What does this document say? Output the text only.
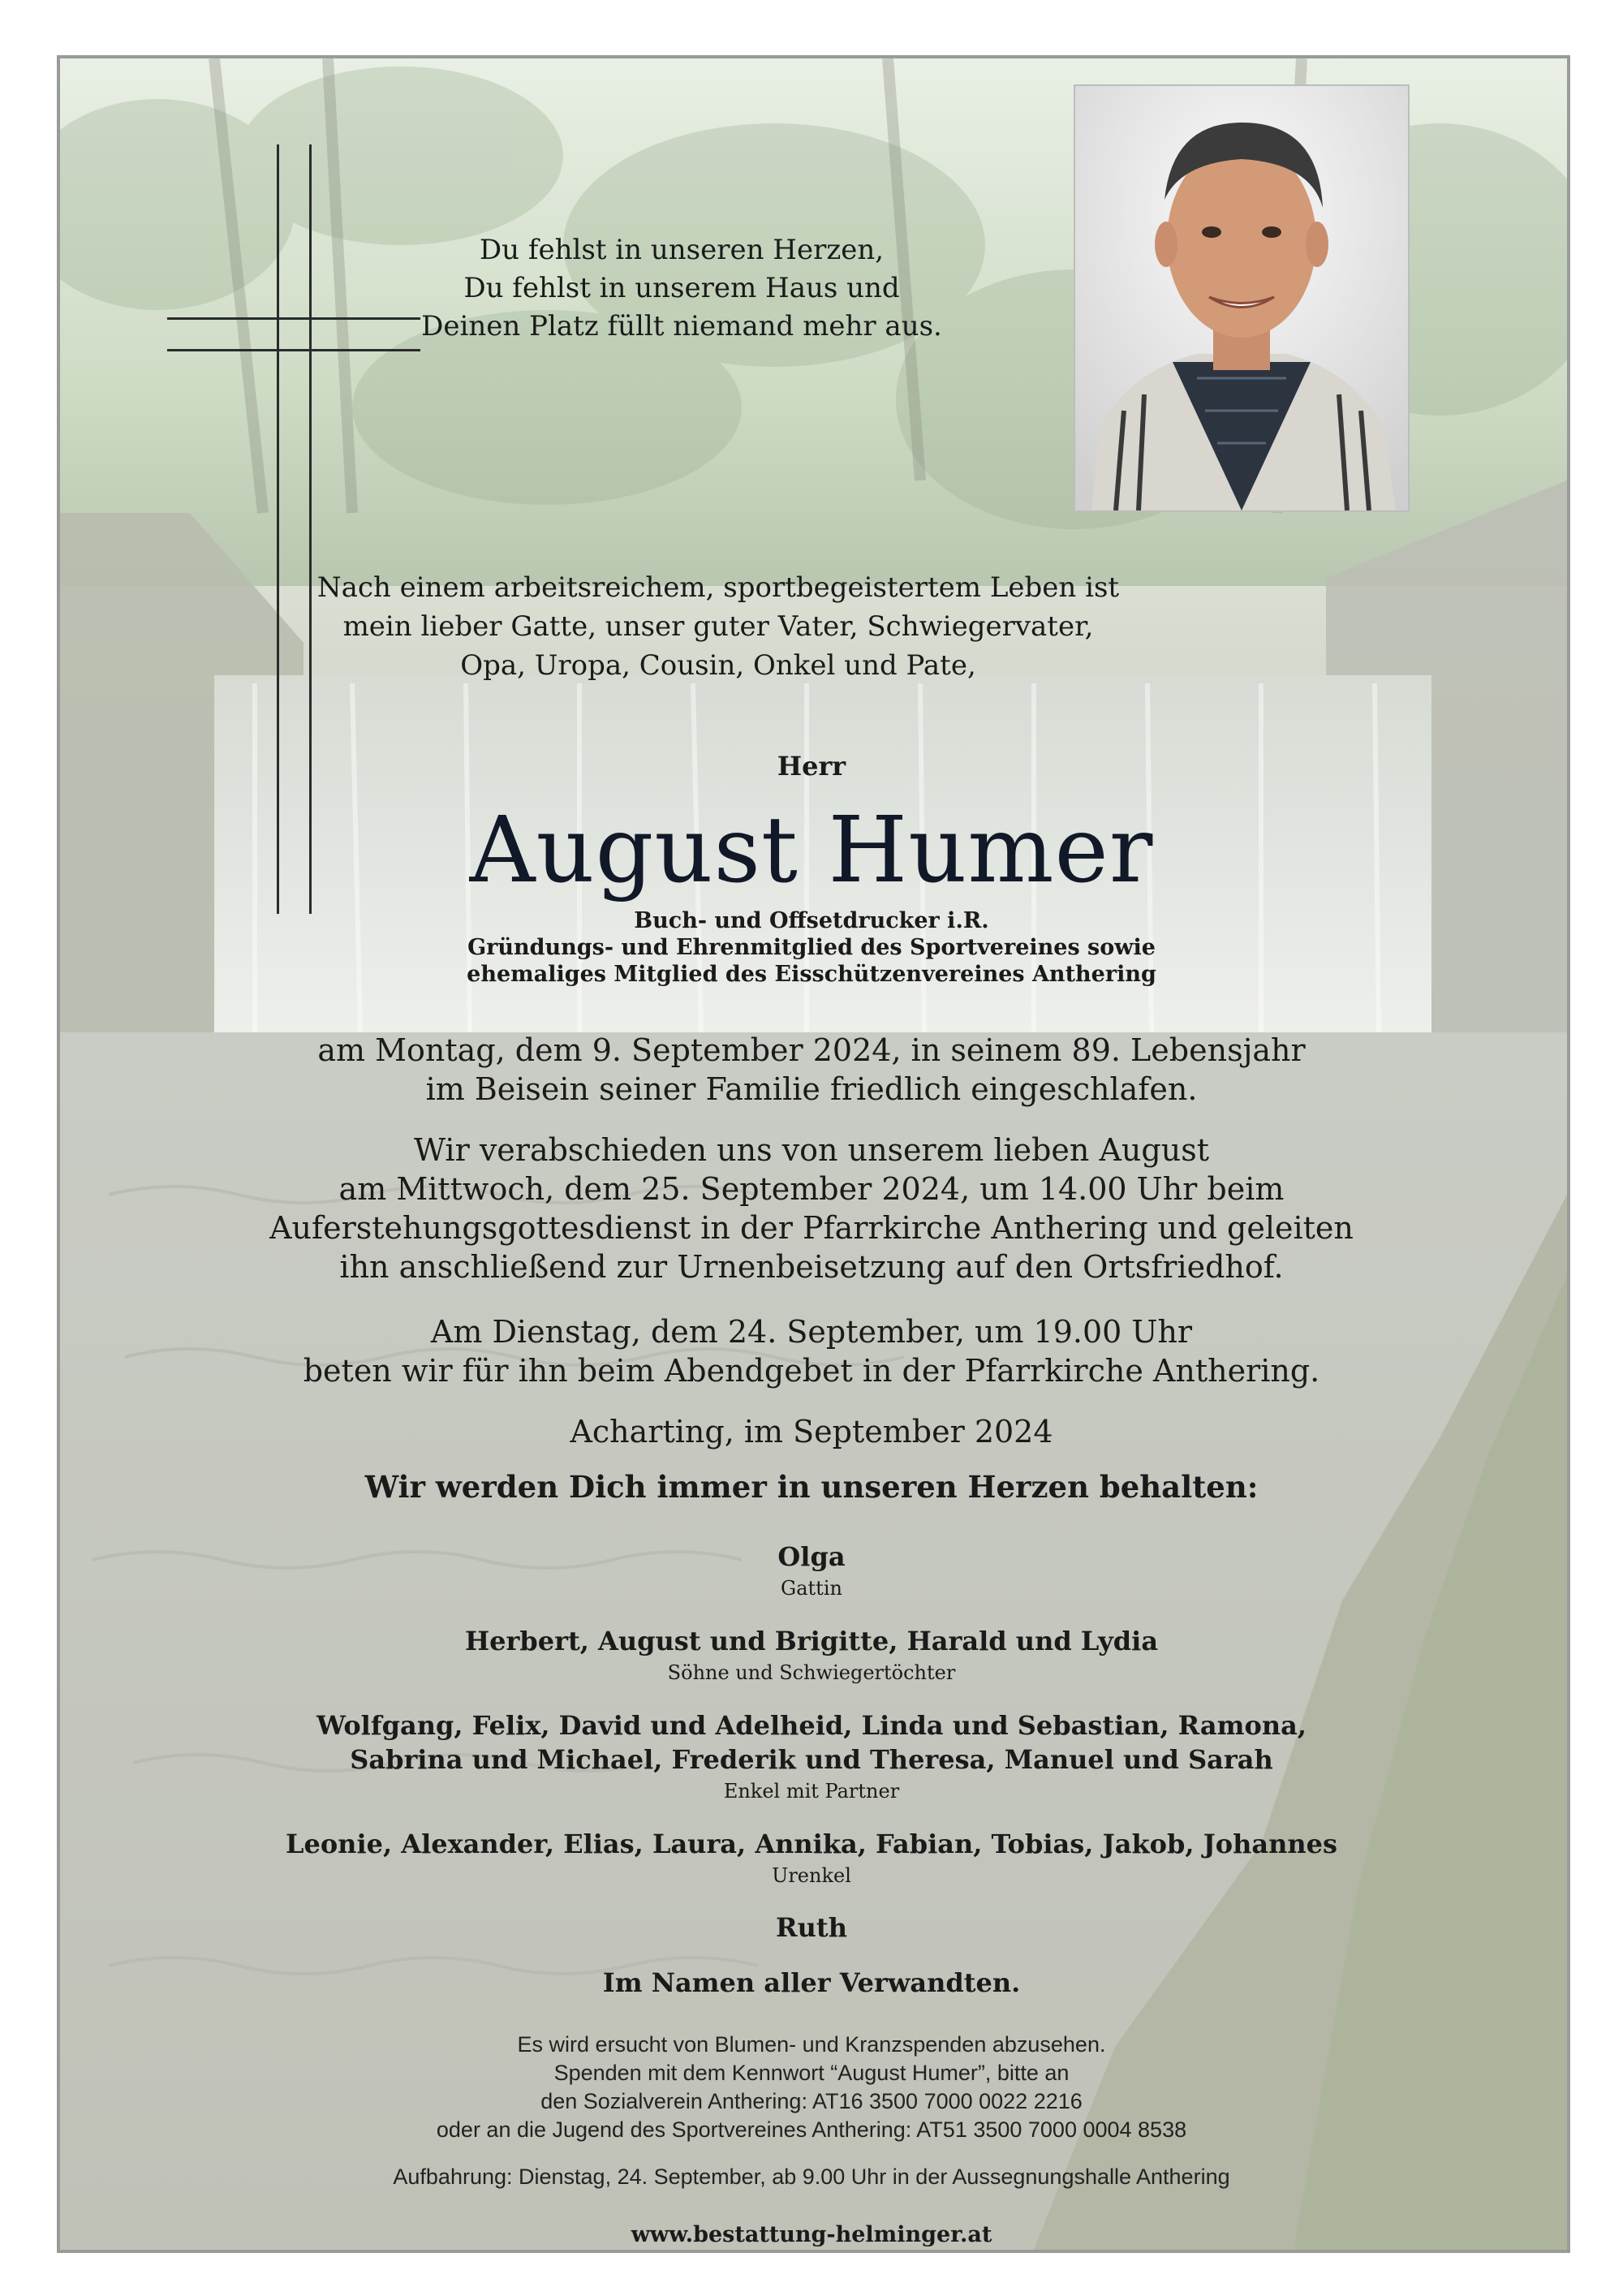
Du fehlst in unseren Herzen,
Du fehlst in unserem Haus und
Deinen Platz füllt niemand mehr aus.
Nach einem arbeitsreichem, sportbegeistertem Leben ist
mein lieber Gatte, unser guter Vater, Schwiegervater,
Opa, Uropa, Cousin, Onkel und Pate,
Herr
August Humer
Buch- und Offsetdrucker i.R.
Gründungs- und Ehrenmitglied des Sportvereines sowie
ehemaliges Mitglied des Eisschützenvereines Anthering
am Montag, dem 9. September 2024, in seinem 89. Lebensjahr
im Beisein seiner Familie friedlich eingeschlafen.
Wir verabschieden uns von unserem lieben August
am Mittwoch, dem 25. September 2024, um 14.00 Uhr beim
Auferstehungsgottesdienst in der Pfarrkirche Anthering und geleiten
ihn anschließend zur Urnenbeisetzung auf den Ortsfriedhof.
Am Dienstag, dem 24. September, um 19.00 Uhr
beten wir für ihn beim Abendgebet in der Pfarrkirche Anthering.
Acharting, im September 2024
Wir werden Dich immer in unseren Herzen behalten:
Olga
Gattin
Herbert, August und Brigitte, Harald und Lydia
Söhne und Schwiegertöchter
Wolfgang, Felix, David und Adelheid, Linda und Sebastian, Ramona,
Sabrina und Michael, Frederik und Theresa, Manuel und Sarah
Enkel mit Partner
Leonie, Alexander, Elias, Laura, Annika, Fabian, Tobias, Jakob, Johannes
Urenkel
Ruth
Im Namen aller Verwandten.
Es wird ersucht von Blumen- und Kranzspenden abzusehen.
Spenden mit dem Kennwort “August Humer”, bitte an
den Sozialverein Anthering: AT16 3500 7000 0022 2216
oder an die Jugend des Sportvereines Anthering: AT51 3500 7000 0004 8538
Aufbahrung: Dienstag, 24. September, ab 9.00 Uhr in der Aussegnungshalle Anthering
www.bestattung-helminger.at
